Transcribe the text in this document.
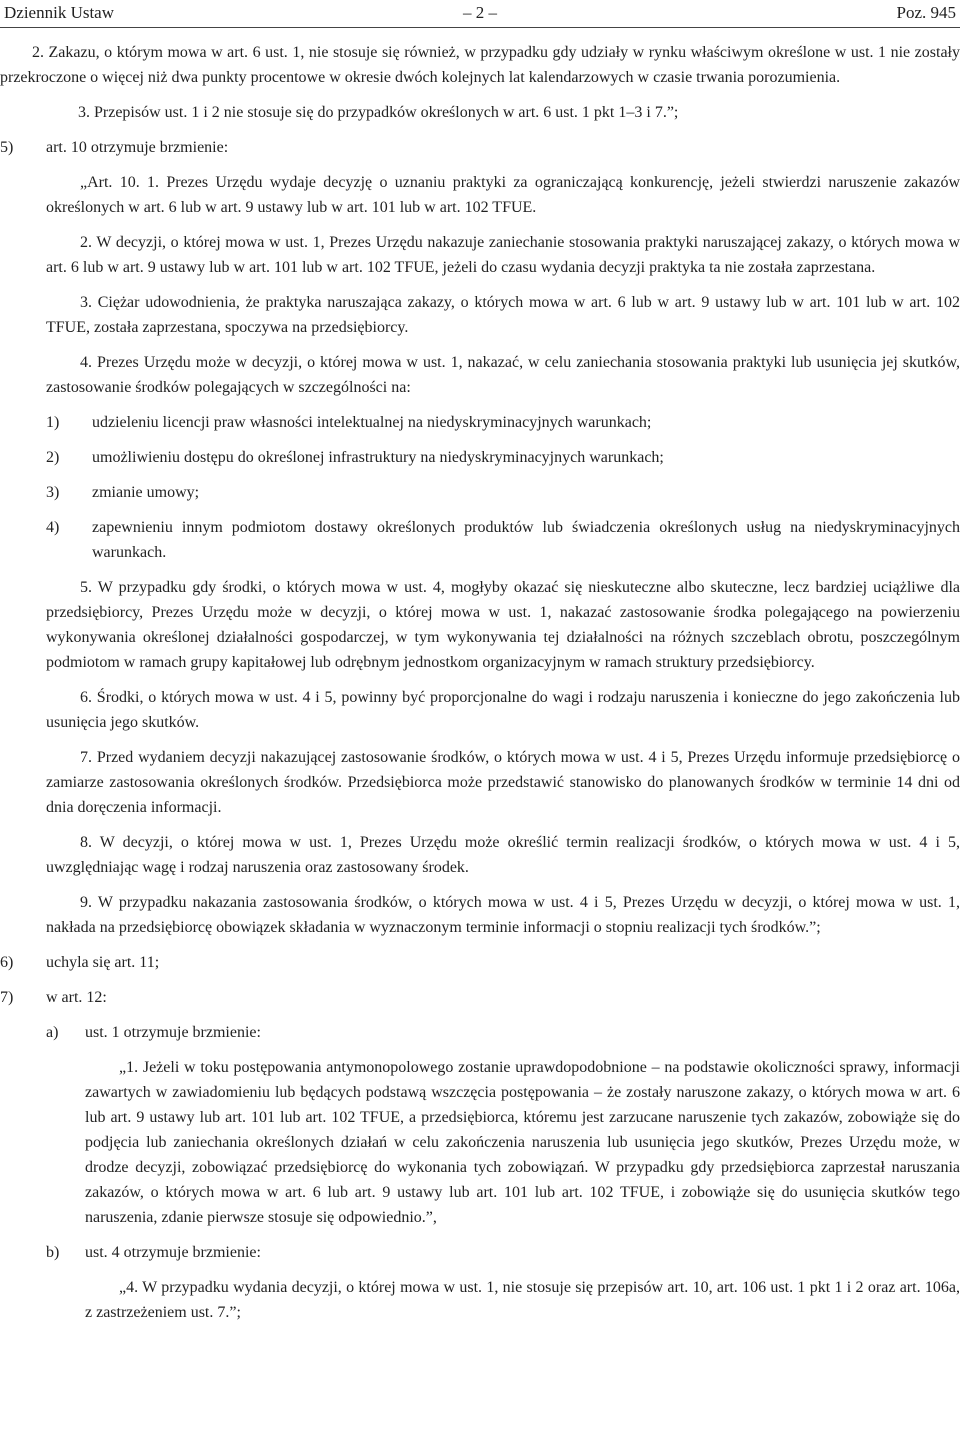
Dziennik Ustaw	– 2 –	Poz. 945

2. Zakazu, o którym mowa w art. 6 ust. 1, nie stosuje się również, w przypadku gdy udziały w rynku właściwym określone w ust. 1 nie zostały przekroczone o więcej niż dwa punkty procentowe w okresie dwóch kolejnych lat kalendarzowych w czasie trwania porozumienia.

3. Przepisów ust. 1 i 2 nie stosuje się do przypadków określonych w art. 6 ust. 1 pkt 1–3 i 7.”;

5) art. 10 otrzymuje brzmienie:

„Art. 10. 1. Prezes Urzędu wydaje decyzję o uznaniu praktyki za ograniczającą konkurencję, jeżeli stwierdzi naruszenie zakazów określonych w art. 6 lub w art. 9 ustawy lub w art. 101 lub w art. 102 TFUE.

2. W decyzji, o której mowa w ust. 1, Prezes Urzędu nakazuje zaniechanie stosowania praktyki naruszającej zakazy, o których mowa w art. 6 lub w art. 9 ustawy lub w art. 101 lub w art. 102 TFUE, jeżeli do czasu wydania decyzji praktyka ta nie została zaprzestana.

3. Ciężar udowodnienia, że praktyka naruszająca zakazy, o których mowa w art. 6 lub w art. 9 ustawy lub w art. 101 lub w art. 102 TFUE, została zaprzestana, spoczywa na przedsiębiorcy.

4. Prezes Urzędu może w decyzji, o której mowa w ust. 1, nakazać, w celu zaniechania stosowania praktyki lub usunięcia jej skutków, zastosowanie środków polegających w szczególności na:

1) udzieleniu licencji praw własności intelektualnej na niedyskryminacyjnych warunkach;

2) umożliwieniu dostępu do określonej infrastruktury na niedyskryminacyjnych warunkach;

3) zmianie umowy;

4) zapewnieniu innym podmiotom dostawy określonych produktów lub świadczenia określonych usług na niedyskryminacyjnych warunkach.

5. W przypadku gdy środki, o których mowa w ust. 4, mogłyby okazać się nieskuteczne albo skuteczne, lecz bardziej uciążliwe dla przedsiębiorcy, Prezes Urzędu może w decyzji, o której mowa w ust. 1, nakazać zastosowanie środka polegającego na powierzeniu wykonywania określonej działalności gospodarczej, w tym wykonywania tej działalności na różnych szczeblach obrotu, poszczególnym podmiotom w ramach grupy kapitałowej lub odrębnym jednostkom organizacyjnym w ramach struktury przedsiębiorcy.

6. Środki, o których mowa w ust. 4 i 5, powinny być proporcjonalne do wagi i rodzaju naruszenia i konieczne do jego zakończenia lub usunięcia jego skutków.

7. Przed wydaniem decyzji nakazującej zastosowanie środków, o których mowa w ust. 4 i 5, Prezes Urzędu informuje przedsiębiorcę o zamiarze zastosowania określonych środków. Przedsiębiorca może przedstawić stanowisko do planowanych środków w terminie 14 dni od dnia doręczenia informacji.

8. W decyzji, o której mowa w ust. 1, Prezes Urzędu może określić termin realizacji środków, o których mowa w ust. 4 i 5, uwzględniając wagę i rodzaj naruszenia oraz zastosowany środek.

9. W przypadku nakazania zastosowania środków, o których mowa w ust. 4 i 5, Prezes Urzędu w decyzji, o której mowa w ust. 1, nakłada na przedsiębiorcę obowiązek składania w wyznaczonym terminie informacji o stopniu realizacji tych środków.”;

6) uchyla się art. 11;
7) w art. 12:
a) ust. 1 otrzymuje brzmienie:

„1. Jeżeli w toku postępowania antymonopolowego zostanie uprawdopodobnione – na podstawie okoliczności sprawy, informacji zawartych w zawiadomieniu lub będących podstawą wszczęcia postępowania – że zostały naruszone zakazy, o których mowa w art. 6 lub art. 9 ustawy lub art. 101 lub art. 102 TFUE, a przedsiębiorca, któremu jest zarzucane naruszenie tych zakazów, zobowiąże się do podjęcia lub zaniechania określonych działań w celu zakończenia naruszenia lub usunięcia jego skutków, Prezes Urzędu może, w drodze decyzji, zobowiązać przedsiębiorcę do wykonania tych zobowiązań. W przypadku gdy przedsiębiorca zaprzestał naruszania zakazów, o których mowa w art. 6 lub art. 9 ustawy lub art. 101 lub art. 102 TFUE, i zobowiąże się do usunięcia skutków tego naruszenia, zdanie pierwsze stosuje się odpowiednio.”,

b) ust. 4 otrzymuje brzmienie:

„4. W przypadku wydania decyzji, o której mowa w ust. 1, nie stosuje się przepisów art. 10, art. 106 ust. 1 pkt 1 i 2 oraz art. 106a, z zastrzeżeniem ust. 7.”;
